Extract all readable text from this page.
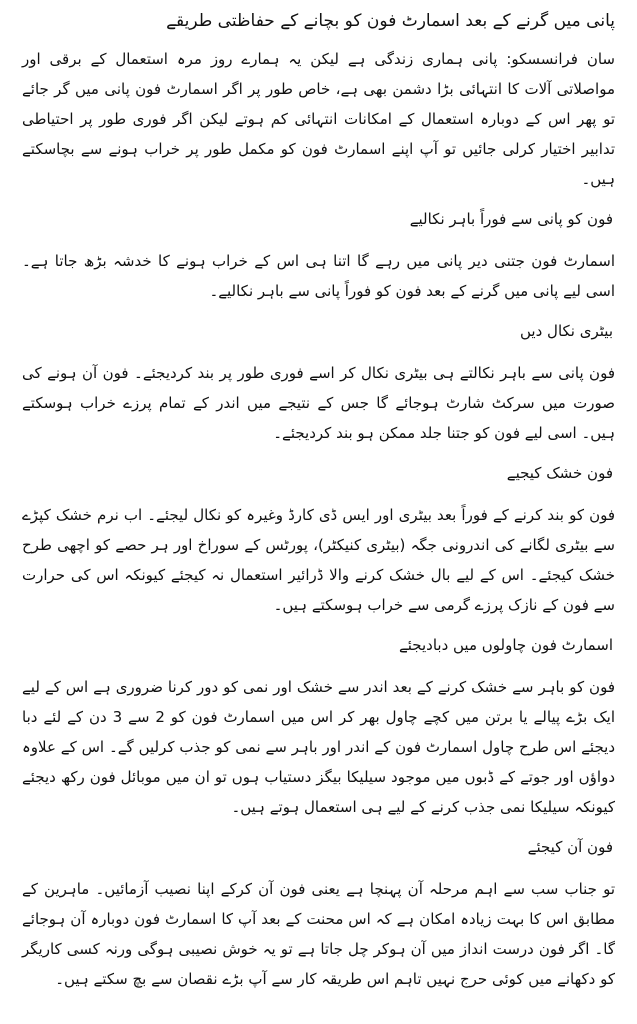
پانی میں گرنے کے بعد اسمارٹ فون کو بچانے کے حفاظتی طریقے

سان فرانسسکو: پانی ہماری زندگی ہے لیکن یہ ہمارے روز مرہ استعمال کے برقی اور مواصلاتی آلات کا انتہائی بڑا دشمن بھی ہے، خاص طور پر اگر اسمارٹ فون پانی میں گر جائے تو پھر اس کے دوبارہ استعمال کے امکانات انتہائی کم ہوتے لیکن اگر فوری طور پر احتیاطی تدابیر اختیار کرلی جائیں تو آپ اپنے اسمارٹ فون کو مکمل طور پر خراب ہونے سے بچاسکتے ہیں۔

فون کو پانی سے فوراً باہر نکالیے

اسمارٹ فون جتنی دیر پانی میں رہے گا اتنا ہی اس کے خراب ہونے کا خدشہ بڑھ جاتا ہے۔ اسی لیے پانی میں گرنے کے بعد فون کو فوراً پانی سے باہر نکالیے۔

بیٹری نکال دیں

فون پانی سے باہر نکالتے ہی بیٹری نکال کر اسے فوری طور پر بند کردیجئے۔ فون آن ہونے کی صورت میں سرکٹ شارٹ ہوجائے گا جس کے نتیجے میں اندر کے تمام پرزے خراب ہوسکتے ہیں۔ اسی لیے فون کو جتنا جلد ممکن ہو بند کردیجئے۔

فون خشک کیجیے

فون کو بند کرنے کے فوراً بعد بیٹری اور ایس ڈی کارڈ وغیرہ کو نکال لیجئے۔ اب نرم خشک کپڑے سے بیٹری لگانے کی اندرونی جگہ (بیٹری کنیکٹر)، پورٹس کے سوراخ اور ہر حصے کو اچھی طرح خشک کیجئے۔ اس کے لیے بال خشک کرنے والا ڈرائیر استعمال نہ کیجئے کیونکہ اس کی حرارت سے فون کے نازک پرزے گرمی سے خراب ہوسکتے ہیں۔

اسمارٹ فون چاولوں میں دبادیجئے

فون کو باہر سے خشک کرنے کے بعد اندر سے خشک اور نمی کو دور کرنا ضروری ہے اس کے لیے ایک بڑے پیالے یا برتن میں کچے چاول بھر کر اس میں اسمارٹ فون کو 2 سے 3 دن کے لئے دبا دیجئے اس طرح چاول اسمارٹ فون کے اندر اور باہر سے نمی کو جذب کرلیں گے۔ اس کے علاوہ دواؤں اور جوتے کے ڈبوں میں موجود سیلیکا بیگز دستیاب ہوں تو ان میں موبائل فون رکھ دیجئے کیونکہ سیلیکا نمی جذب کرنے کے لیے ہی استعمال ہوتے ہیں۔

فون آن کیجئے

تو جناب سب سے اہم مرحلہ آن پہنچا ہے یعنی فون آن کرکے اپنا نصیب آزمائیں۔ ماہرین کے مطابق اس کا بہت زیادہ امکان ہے کہ اس محنت کے بعد آپ کا اسمارٹ فون دوبارہ آن ہوجائے گا۔ اگر فون درست انداز میں آن ہوکر چل جاتا ہے تو یہ خوش نصیبی ہوگی ورنہ کسی کاریگر کو دکھانے میں کوئی حرج نہیں تاہم اس طریقہ کار سے آپ بڑے نقصان سے بچ سکتے ہیں۔
